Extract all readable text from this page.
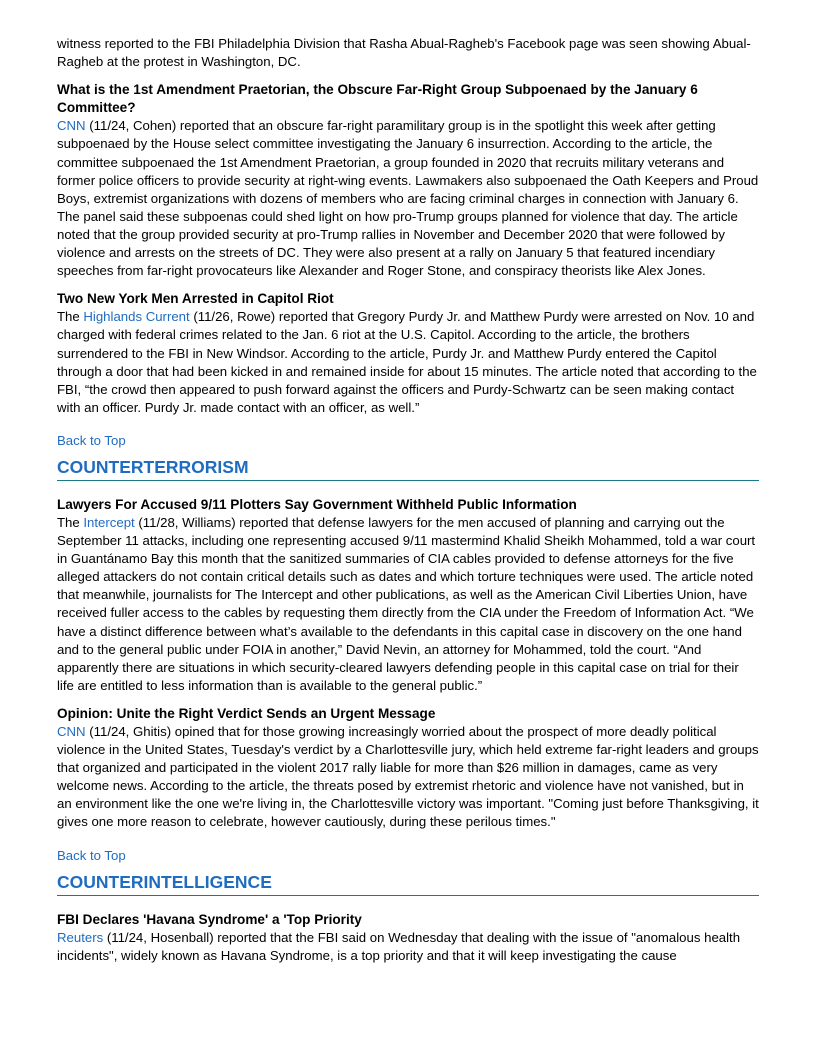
witness reported to the FBI Philadelphia Division that Rasha Abual-Ragheb's Facebook page was seen showing Abual-Ragheb at the protest in Washington, DC.

What is the 1st Amendment Praetorian, the Obscure Far-Right Group Subpoenaed by the January 6 Committee?

CNN (11/24, Cohen) reported that an obscure far-right paramilitary group is in the spotlight this week after getting subpoenaed by the House select committee investigating the January 6 insurrection. According to the article, the committee subpoenaed the 1st Amendment Praetorian, a group founded in 2020 that recruits military veterans and former police officers to provide security at right-wing events. Lawmakers also subpoenaed the Oath Keepers and Proud Boys, extremist organizations with dozens of members who are facing criminal charges in connection with January 6. The panel said these subpoenas could shed light on how pro-Trump groups planned for violence that day. The article noted that the group provided security at pro-Trump rallies in November and December 2020 that were followed by violence and arrests on the streets of DC. They were also present at a rally on January 5 that featured incendiary speeches from far-right provocateurs like Alexander and Roger Stone, and conspiracy theorists like Alex Jones.

Two New York Men Arrested in Capitol Riot

The Highlands Current (11/26, Rowe) reported that Gregory Purdy Jr. and Matthew Purdy were arrested on Nov. 10 and charged with federal crimes related to the Jan. 6 riot at the U.S. Capitol. According to the article, the brothers surrendered to the FBI in New Windsor. According to the article, Purdy Jr. and Matthew Purdy entered the Capitol through a door that had been kicked in and remained inside for about 15 minutes. The article noted that according to the FBI, “the crowd then appeared to push forward against the officers and Purdy-Schwartz can be seen making contact with an officer. Purdy Jr. made contact with an officer, as well.”

Back to Top

COUNTERTERRORISM

Lawyers For Accused 9/11 Plotters Say Government Withheld Public Information

The Intercept (11/28, Williams) reported that defense lawyers for the men accused of planning and carrying out the September 11 attacks, including one representing accused 9/11 mastermind Khalid Sheikh Mohammed, told a war court in Guantánamo Bay this month that the sanitized summaries of CIA cables provided to defense attorneys for the five alleged attackers do not contain critical details such as dates and which torture techniques were used. The article noted that meanwhile, journalists for The Intercept and other publications, as well as the American Civil Liberties Union, have received fuller access to the cables by requesting them directly from the CIA under the Freedom of Information Act. “We have a distinct difference between what’s available to the defendants in this capital case in discovery on the one hand and to the general public under FOIA in another,” David Nevin, an attorney for Mohammed, told the court. “And apparently there are situations in which security-cleared lawyers defending people in this capital case on trial for their life are entitled to less information than is available to the general public.”

Opinion: Unite the Right Verdict Sends an Urgent Message

CNN (11/24, Ghitis) opined that for those growing increasingly worried about the prospect of more deadly political violence in the United States, Tuesday's verdict by a Charlottesville jury, which held extreme far-right leaders and groups that organized and participated in the violent 2017 rally liable for more than $26 million in damages, came as very welcome news. According to the article, the threats posed by extremist rhetoric and violence have not vanished, but in an environment like the one we're living in, the Charlottesville victory was important. "Coming just before Thanksgiving, it gives one more reason to celebrate, however cautiously, during these perilous times."

Back to Top

COUNTERINTELLIGENCE

FBI Declares 'Havana Syndrome' a 'Top Priority

Reuters (11/24, Hosenball) reported that the FBI said on Wednesday that dealing with the issue of "anomalous health incidents", widely known as Havana Syndrome, is a top priority and that it will keep investigating the cause
